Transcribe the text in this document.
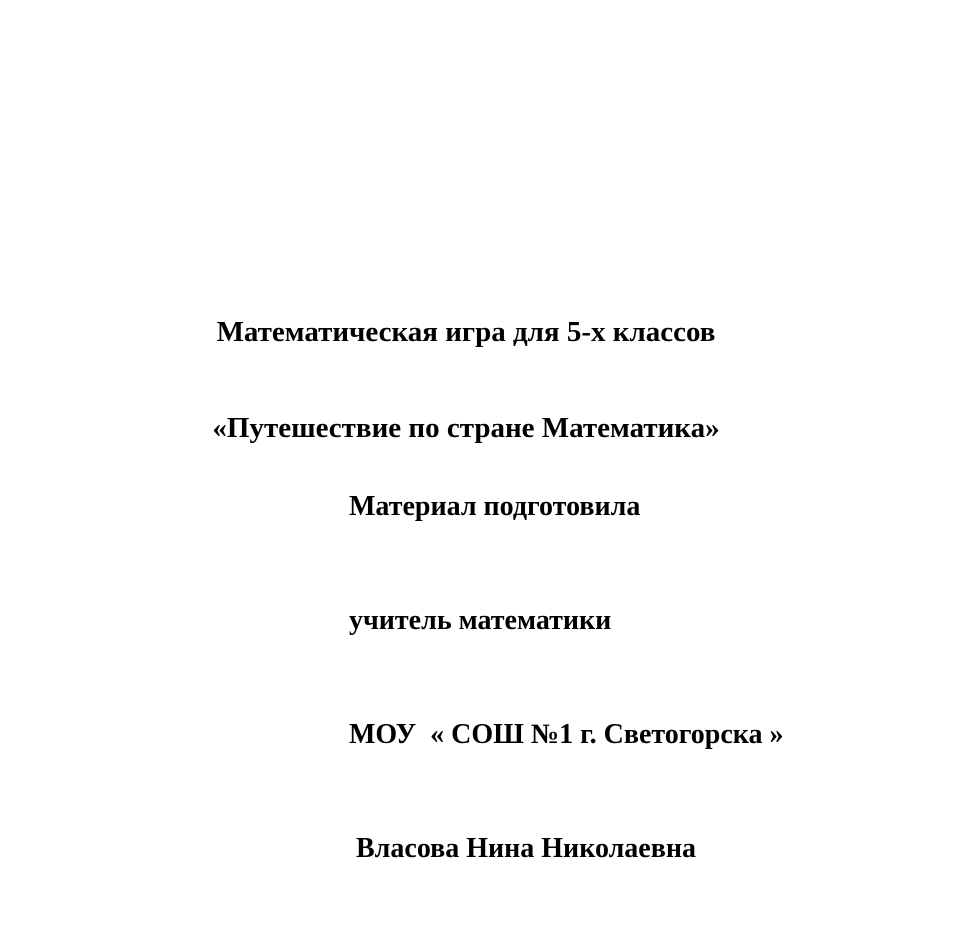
Математическая игра для 5-х классов

«Путешествие по стране Математика»

Материал подготовила

учитель математики

МОУ  « СОШ №1 г. Светогорска »

Власова Нина Николаевна
